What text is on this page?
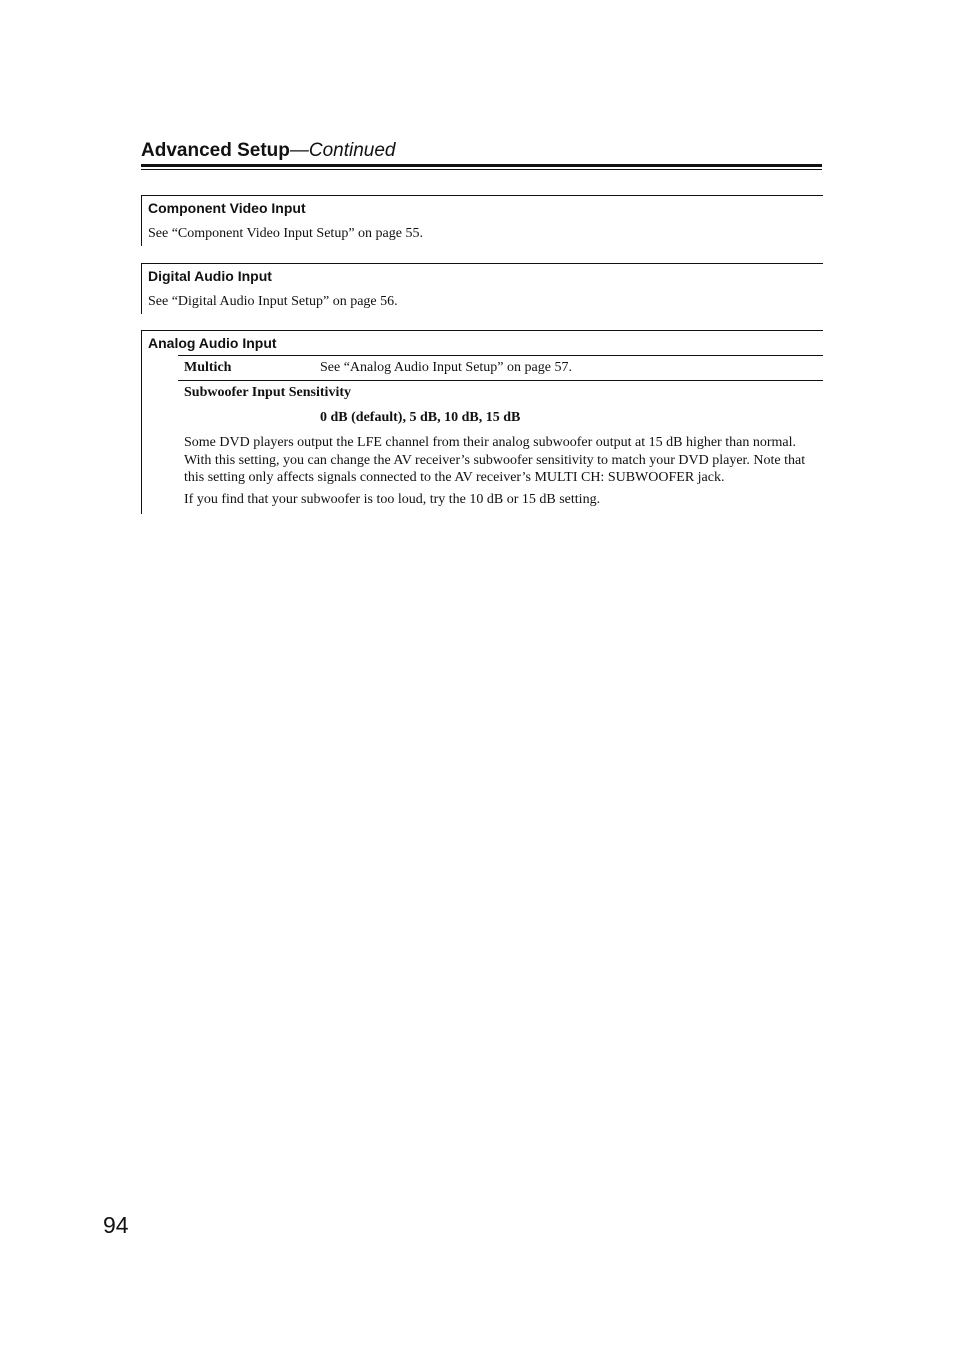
Advanced Setup—Continued
Component Video Input
See “Component Video Input Setup” on page 55.
Digital Audio Input
See “Digital Audio Input Setup” on page 56.
Analog Audio Input
Multich	See “Analog Audio Input Setup” on page 57.
Subwoofer Input Sensitivity
0 dB (default), 5 dB, 10 dB, 15 dB
Some DVD players output the LFE channel from their analog subwoofer output at 15 dB higher than normal. With this setting, you can change the AV receiver’s subwoofer sensitivity to match your DVD player. Note that this setting only affects signals connected to the AV receiver’s MULTI CH: SUBWOOFER jack.
If you find that your subwoofer is too loud, try the 10 dB or 15 dB setting.
94
